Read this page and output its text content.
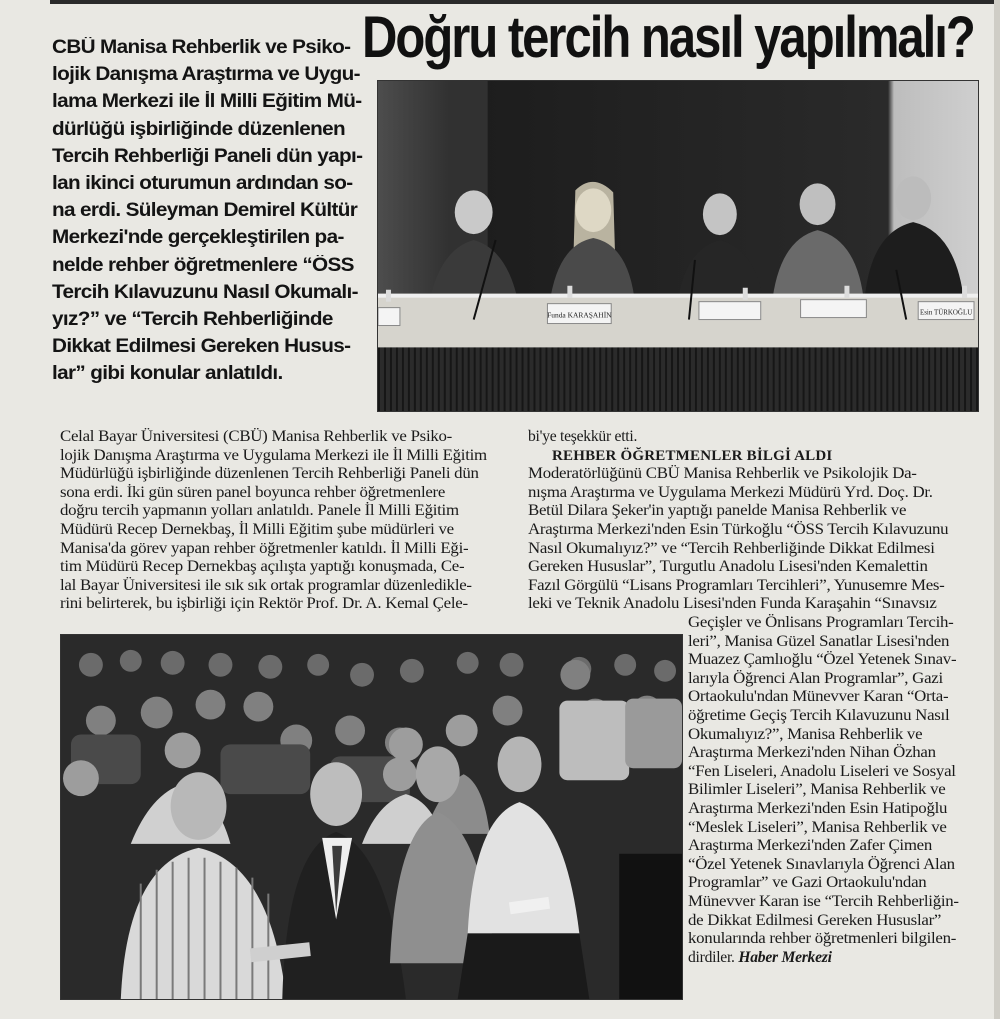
Doğru tercih nasıl yapılmalı?
CBÜ Manisa Rehberlik ve Psiko-
lojik Danışma Araştırma ve Uygu-
lama Merkezi ile İl Milli Eğitim Mü-
dürlüğü işbirliğinde düzenlenen
Tercih Rehberliği Paneli dün yapı-
lan ikinci oturumun ardından so-
na erdi. Süleyman Demirel Kültür
Merkezi'nde gerçekleştirilen pa-
nelde rehber öğretmenlere “ÖSS
Tercih Kılavuzunu Nasıl Okumalı-
yız?” ve “Tercih Rehberliğinde
Dikkat Edilmesi Gereken Husus-
lar” gibi konular anlatıldı.
Funda KARAŞAHİN	Esin TÜRKOĞLU
Celal Bayar Üniversitesi (CBÜ) Manisa Rehberlik ve Psiko-
lojik Danışma Araştırma ve Uygulama Merkezi ile İl Milli Eğitim
Müdürlüğü işbirliğinde düzenlenen Tercih Rehberliği Paneli dün
sona erdi. İki gün süren panel boyunca rehber öğretmenlere
doğru tercih yapmanın yolları anlatıldı. Panele İl Milli Eğitim
Müdürü Recep Dernekbaş, İl Milli Eğitim şube müdürleri ve
Manisa'da görev yapan rehber öğretmenler katıldı. İl Milli Eği-
tim Müdürü Recep Dernekbaş açılışta yaptığı konuşmada, Ce-
lal Bayar Üniversitesi ile sık sık ortak programlar düzenledikle-
rini belirterek, bu işbirliği için Rektör Prof. Dr. A. Kemal Çele-
bi'ye teşekkür etti.
REHBER ÖĞRETMENLER BİLGİ ALDI
Moderatörlüğünü CBÜ Manisa Rehberlik ve Psikolojik Da-
nışma Araştırma ve Uygulama Merkezi Müdürü Yrd. Doç. Dr.
Betül Dilara Şeker'in yaptığı panelde Manisa Rehberlik ve
Araştırma Merkezi'nden Esin Türkoğlu “ÖSS Tercih Kılavuzunu
Nasıl Okumalıyız?” ve “Tercih Rehberliğinde Dikkat Edilmesi
Gereken Hususlar”, Turgutlu Anadolu Lisesi'nden Kemalettin
Fazıl Görgülü “Lisans Programları Tercihleri”, Yunusemre Mes-
leki ve Teknik Anadolu Lisesi'nden Funda Karaşahin “Sınavsız
Geçişler ve Önlisans Programları Tercih-
leri”, Manisa Güzel Sanatlar Lisesi'nden
Muazez Çamlıoğlu “Özel Yetenek Sınav-
larıyla Öğrenci Alan Programlar”, Gazi
Ortaokulu'ndan Münevver Karan “Orta-
öğretime Geçiş Tercih Kılavuzunu Nasıl
Okumalıyız?”, Manisa Rehberlik ve
Araştırma Merkezi'nden Nihan Özhan
“Fen Liseleri, Anadolu Liseleri ve Sosyal
Bilimler Liseleri”, Manisa Rehberlik ve
Araştırma Merkezi'nden Esin Hatipoğlu
“Meslek Liseleri”, Manisa Rehberlik ve
Araştırma Merkezi'nden Zafer Çimen
“Özel Yetenek Sınavlarıyla Öğrenci Alan
Programlar” ve Gazi Ortaokulu'ndan
Münevver Karan ise “Tercih Rehberliğin-
de Dikkat Edilmesi Gereken Hususlar”
konularında rehber öğretmenleri bilgilen-
dirdiler. Haber Merkezi
